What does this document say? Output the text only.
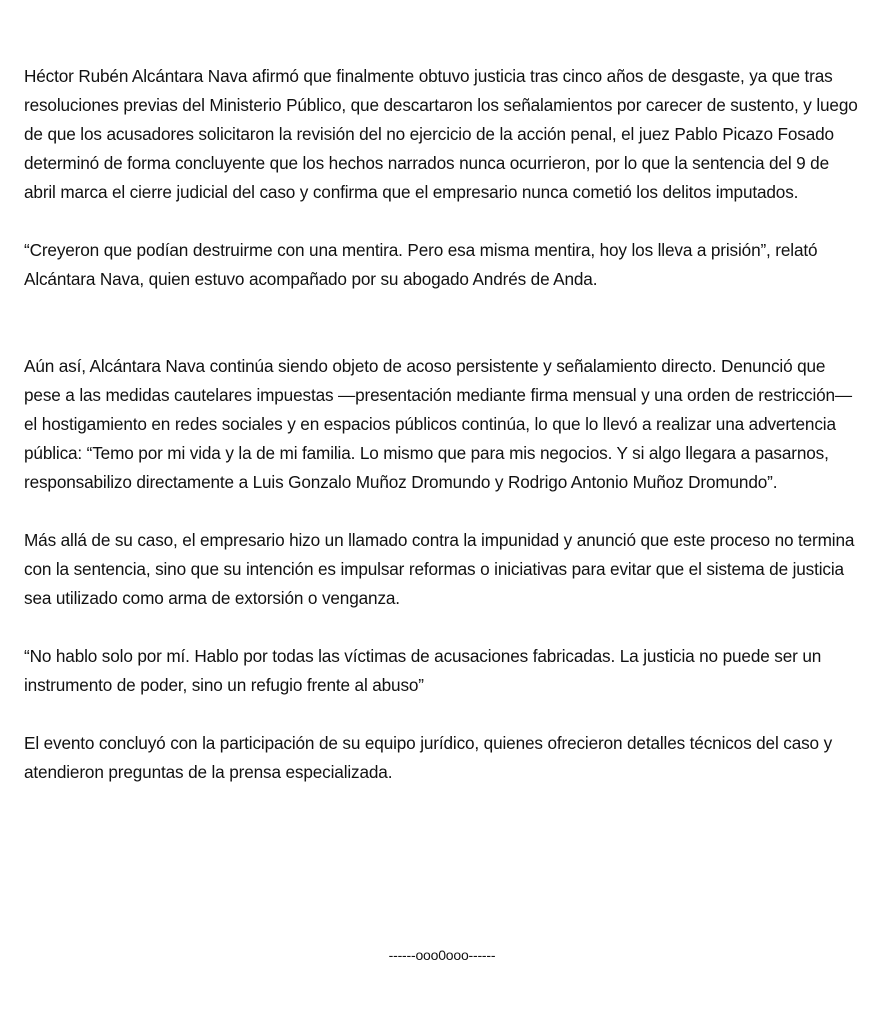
Héctor Rubén Alcántara Nava afirmó que finalmente obtuvo justicia tras cinco años de desgaste, ya que tras resoluciones previas del Ministerio Público, que descartaron los señalamientos por carecer de sustento, y luego de que los acusadores solicitaron la revisión del no ejercicio de la acción penal, el juez Pablo Picazo Fosado determinó de forma concluyente que los hechos narrados nunca ocurrieron, por lo que la sentencia del 9 de abril marca el cierre judicial del caso y confirma que el empresario nunca cometió los delitos imputados.

“Creyeron que podían destruirme con una mentira. Pero esa misma mentira, hoy los lleva a prisión”, relató Alcántara Nava, quien estuvo acompañado por su abogado Andrés de Anda.

Aún así, Alcántara Nava continúa siendo objeto de acoso persistente y señalamiento directo. Denunció que pese a las medidas cautelares impuestas —presentación mediante firma mensual y una orden de restricción— el hostigamiento en redes sociales y en espacios públicos continúa, lo que lo llevó a realizar una advertencia pública: “Temo por mi vida y la de mi familia. Lo mismo que para mis negocios. Y si algo llegara a pasarnos, responsabilizo directamente a Luis Gonzalo Muñoz Dromundo y Rodrigo Antonio Muñoz Dromundo”.

Más allá de su caso, el empresario hizo un llamado contra la impunidad y anunció que este proceso no termina con la sentencia, sino que su intención es impulsar reformas o iniciativas para evitar que el sistema de justicia sea utilizado como arma de extorsión o venganza.

“No hablo solo por mí. Hablo por todas las víctimas de acusaciones fabricadas. La justicia no puede ser un instrumento de poder, sino un refugio frente al abuso”

El evento concluyó con la participación de su equipo jurídico, quienes ofrecieron detalles técnicos del caso y atendieron preguntas de la prensa especializada.

------ooo0ooo------
